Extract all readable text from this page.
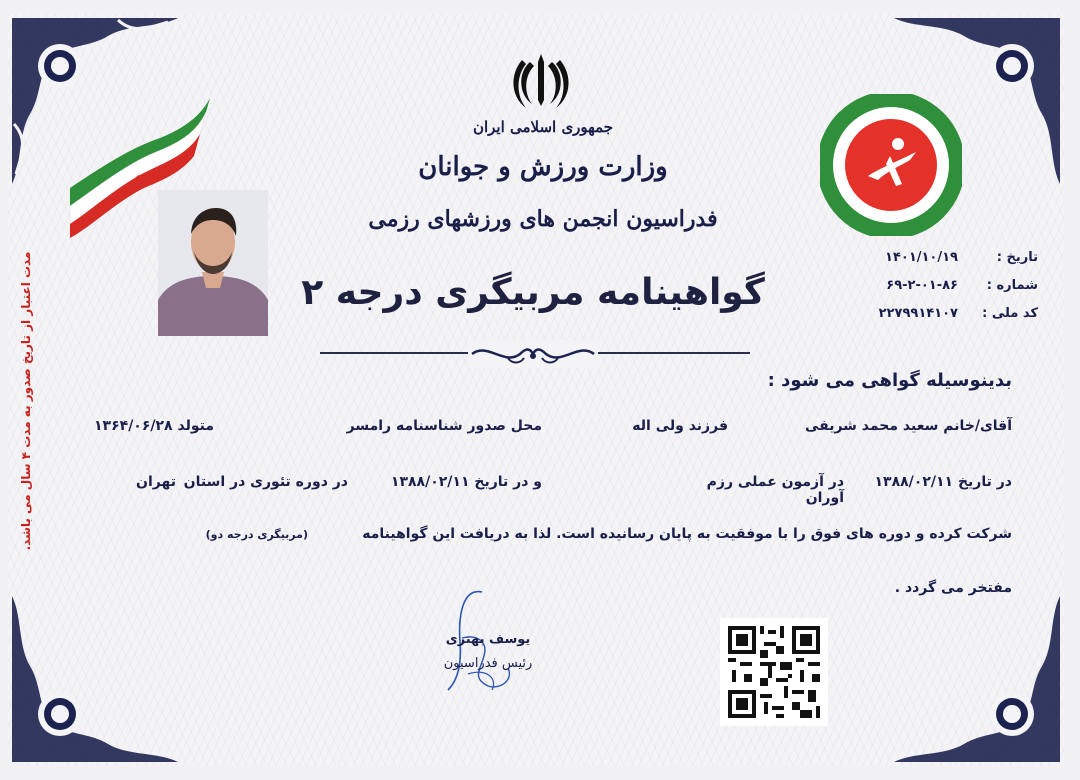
جمهوری اسلامی ایران
وزارت ورزش و جوانان
فدراسیون انجمن های ورزشهای رزمی
Iran Martial Arts Associations Federation
تاریخ :
۱۴۰۱/۱۰/۱۹
شماره :
۶۹-۲-۰۱-۸۶
کد ملی :
۲۲۷۹۹۱۴۱۰۷
گواهینامه مربیگری درجه ۲
بدینوسیله گواهی می شود :
آقای/خانم سعید محمد شریفی
فرزند ولی اله
محل صدور شناسنامه رامسر
متولد ۱۳۶۴/۰۶/۲۸
در تاریخ ۱۳۸۸/۰۲/۱۱
در آزمون عملی رزم آوران
و در تاریخ ۱۳۸۸/۰۲/۱۱
در دوره تئوری در استان
تهران
شرکت کرده و دوره های فوق را با موفقیت به پایان رسانیده است. لذا به دریافت این گواهینامه
(مربیگری درجه دو)
مفتخر می گردد .
یوسف بهتری
رئیس فدراسیون
مدت اعتبار از تاریخ صدور به مدت ۴ سال می باشد.
